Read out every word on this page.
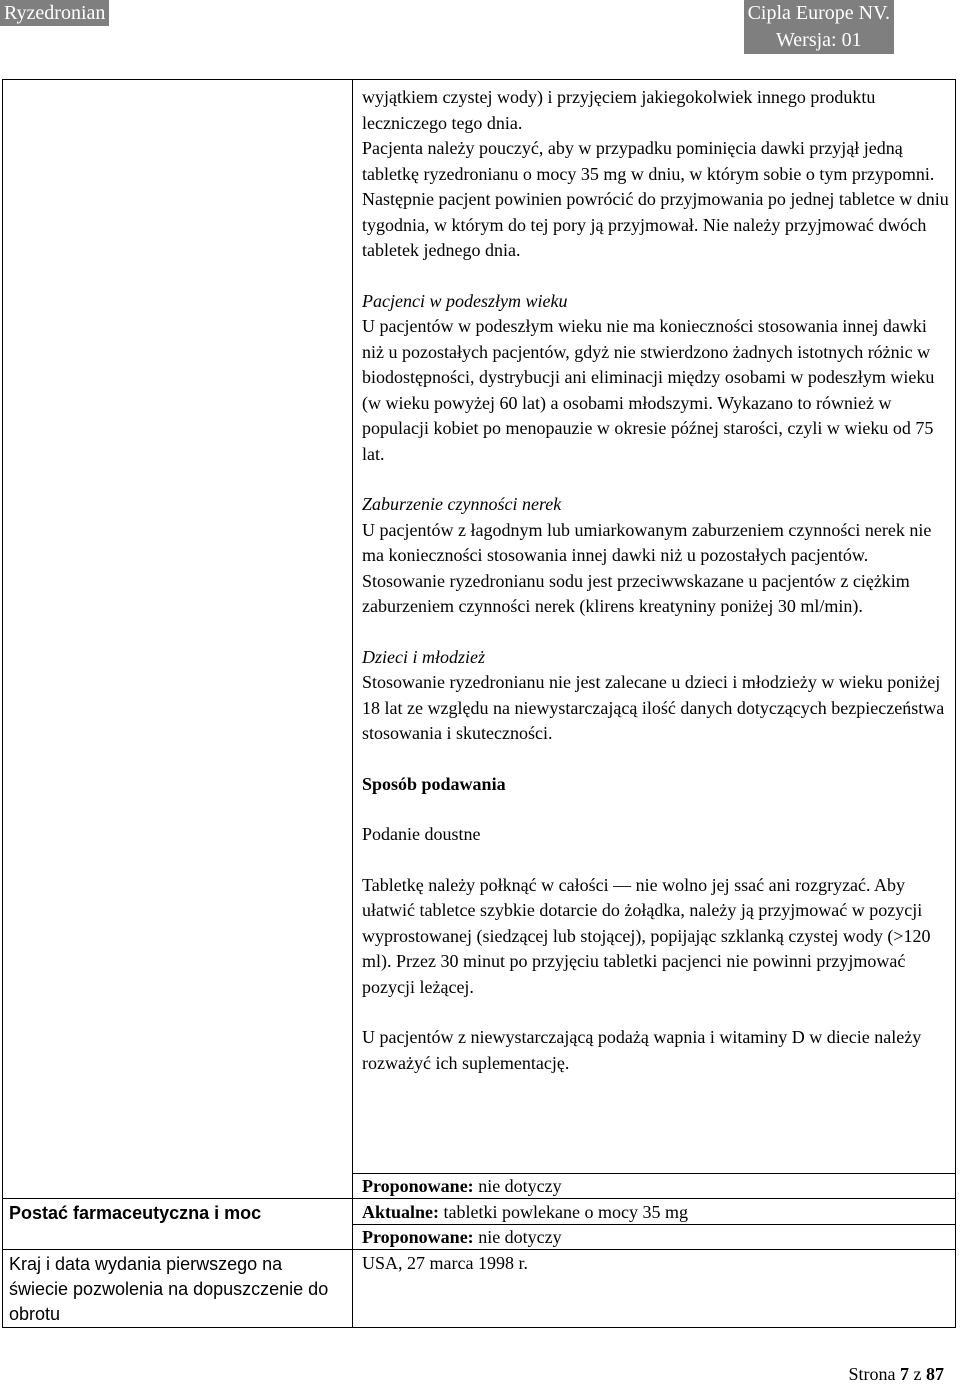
Ryzedronian	Cipla Europe NV.
Wersja: 01

wyjątkiem czystej wody) i przyjęciem jakiegokolwiek innego produktu leczniczego tego dnia.

Pacjenta należy pouczyć, aby w przypadku pominięcia dawki przyjął jedną tabletkę ryzedronianu o mocy 35 mg w dniu, w którym sobie o tym przypomni. Następnie pacjent powinien powrócić do przyjmowania po jednej tabletce w dniu tygodnia, w którym do tej pory ją przyjmował. Nie należy przyjmować dwóch tabletek jednego dnia.

Pacjenci w podeszłym wieku

U pacjentów w podeszłym wieku nie ma konieczności stosowania innej dawki niż u pozostałych pacjentów, gdyż nie stwierdzono żadnych istotnych różnic w biodostępności, dystrybucji ani eliminacji między osobami w podeszłym wieku (w wieku powyżej 60 lat) a osobami młodszymi. Wykazano to również w populacji kobiet po menopauzie w okresie późnej starości, czyli w wieku od 75 lat.

Zaburzenie czynności nerek

U pacjentów z łagodnym lub umiarkowanym zaburzeniem czynności nerek nie ma konieczności stosowania innej dawki niż u pozostałych pacjentów. Stosowanie ryzedronianu sodu jest przeciwwskazane u pacjentów z ciężkim zaburzeniem czynności nerek (klirens kreatyniny poniżej 30 ml/min).

Dzieci i młodzież

Stosowanie ryzedronianu nie jest zalecane u dzieci i młodzieży w wieku poniżej 18 lat ze względu na niewystarczającą ilość danych dotyczących bezpieczeństwa stosowania i skuteczności.

Sposób podawania

Podanie doustne

Tabletkę należy połknąć w całości — nie wolno jej ssać ani rozgryzać. Aby ułatwić tabletce szybkie dotarcie do żołądka, należy ją przyjmować w pozycji wyprostowanej (siedzącej lub stojącej), popijając szklanką czystej wody (>120 ml). Przez 30 minut po przyjęciu tabletki pacjenci nie powinni przyjmować pozycji leżącej.

U pacjentów z niewystarczającą podażą wapnia i witaminy D w diecie należy rozważyć ich suplementację.

Proponowane: nie dotyczy
Postać farmaceutyczna i moc	Aktualne: tabletki powlekane o mocy 35 mg
Proponowane: nie dotyczy
Kraj i data wydania pierwszego na świecie pozwolenia na dopuszczenie do obrotu
USA, 27 marca 1998 r.
Strona 7 z 87
